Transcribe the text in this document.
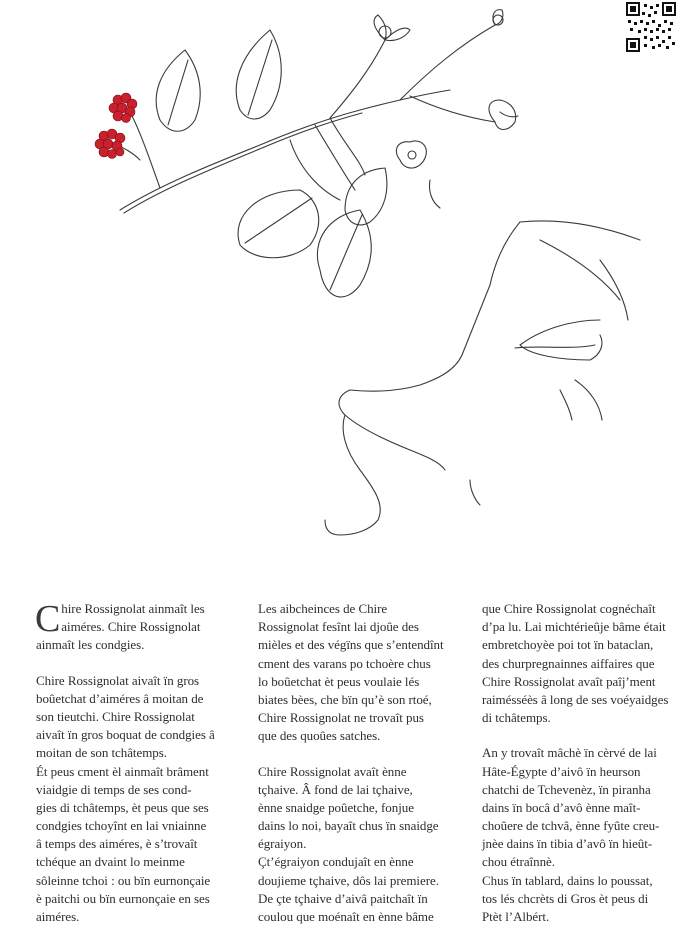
C hire Rossignolat ainmaît les
aiméres. Chire Rossignolat
ainmaît les condgies.
Chire Rossignolat aivaît ïn gros
boûetchat d’aiméres â moitan de
son tieutchi. Chire Rossignolat
aivaît ïn gros boquat de condgies â
moitan de son tchâtemps.
Ét peus cment èl ainmaît brâment
viaidgie di temps de ses cond-
gies di tchâtemps, èt peus que ses
condgies tchoyînt en lai vniainne
â temps des aiméres, è s’trovaît
tchéque an dvaint lo meinme
sôleinne tchoi : ou bïn eurnonçaie
è paitchi ou bïn eurnonçaie en ses
aiméres.
Les aibcheinces de Chire
Rossignolat fesînt lai djoûe des
mièles et des végïns que s’entendînt
cment des varans po tchoère chus
lo boûetchat èt peus voulaie lés
biates bèes, che bïn qu’è son rtoé,
Chire Rossignolat ne trovaît pus
que des quoûes satches.
Chire Rossignolat avaît ènne
tçhaive. Â fond de lai tçhaive,
ènne snaidge poûetche, fonjue
dains lo noi, bayaît chus ïn snaidge
égraiyon.
Çt’égraiyon condujaît en ènne
doujieme tçhaive, dôs lai premiere.
De çte tçhaive d’aivâ paitchaît ïn
coulou que moénaît en ènne bâme
que Chire Rossignolat cognéchaît
d’pa lu. Lai michtérieûje bâme était
embretchoyèe poi tot ïn bataclan,
des churpregnainnes aiffaires que
Chire Rossignolat avaît paîj’ment
raimésséès â long de ses voéyaidges
di tchâtemps.
An y trovaît mâchè ïn cèrvé de lai
Hâte-Égypte d’aivô ïn heurson
chatchi de Tchevenèz, ïn piranha
dains ïn bocâ d’avô ènne maît-
choûere de tchvâ, ènne fyûte creu-
jnèe dains ïn tibia d’avô ïn hieût-
chou étraînnè.
Chus ïn tablard, dains lo poussat,
tos lés chcrèts di Gros èt peus di
Ptèt l’Albért.
